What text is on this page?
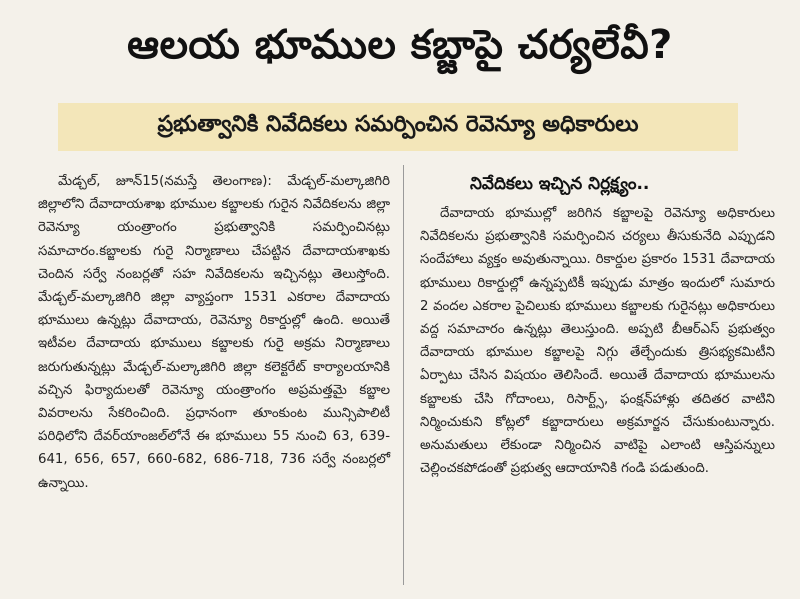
ఆలయ భూముల కబ్జాపై చర్యలేవీ?
ప్రభుత్వానికి నివేదికలు సమర్పించిన రెవెన్యూ అధికారులు

మేడ్చల్, జూన్15(నమస్తే తెలంగాణ): మేడ్చల్-మల్కాజిగిరి జిల్లాలోని దేవాదాయశాఖ భూముల కబ్జాలకు గురైన నివేదికలను జిల్లా రెవెన్యూ యంత్రాంగం ప్రభుత్వానికి సమర్పించినట్లు సమాచారం.కబ్జాలకు గురై నిర్మాణాలు చేపట్టిన దేవాదాయశాఖకు చెందిన సర్వే నంబర్లతో సహ నివేదికలను ఇచ్చినట్లు తెలుస్తోంది. మేడ్చల్-మల్కాజిగిరి జిల్లా వ్యాప్తంగా 1531 ఎకరాల దేవాదాయ భూములు ఉన్నట్లు దేవాదాయ, రెవెన్యూ రికార్డుల్లో ఉంది. అయితే ఇటీవల దేవాదాయ భూములు కబ్జాలకు గురై అక్రమ నిర్మాణాలు జరుగుతున్నట్లు మేడ్చల్-మల్కాజిగిరి జిల్లా కలెక్టరేట్ కార్యాలయానికి వచ్చిన ఫిర్యాదులతో రెవెన్యూ యంత్రాంగం అప్రమత్తమై కబ్జాల వివరాలను సేకరించింది. ప్రధానంగా తూంకుంట మున్సిపాలిటీ పరిధిలోని దేవర్‌యాంజల్‌లోనే ఈ భూములు 55 నుంచి 63, 639-641, 656, 657, 660-682, 686-718, 736 సర్వే నంబర్లలో ఉన్నాయి.

నివేదికలు ఇచ్చిన నిర్లక్ష్యం..

దేవాదాయ భూముల్లో జరిగిన కబ్జాలపై రెవెన్యూ అధికారులు నివేదికలను ప్రభుత్వానికి సమర్పించిన చర్యలు తీసుకునేది ఎప్పుడని సందేహాలు వ్యక్తం అవుతున్నాయి. రికార్డుల ప్రకారం 1531 దేవాదాయ భూములు రికార్డుల్లో ఉన్నప్పటికీ ఇప్పుడు మాత్రం ఇందులో సుమారు 2 వందల ఎకరాల పైచిలుకు భూములు కబ్జాలకు గురైనట్లు అధికారులు వద్ద సమాచారం ఉన్నట్లు తెలుస్తుంది. అప్పటి బీఆర్ఎస్ ప్రభుత్వం దేవాదాయ భూముల కబ్జాలపై నిగ్గు తేల్చేందుకు త్రిసభ్యకమిటీని ఏర్పాటు చేసిన విషయం తెలిసిందే. అయితే దేవాదాయ భూములను కబ్జాలకు చేసి గోదాంలు, రిసార్ట్స్, ఫంక్షన్‌హాళ్లు తదితర వాటిని నిర్మించుకుని కోట్లలో కబ్జాదారులు అక్రమార్జన చేసుకుంటున్నారు. అనుమతులు లేకుండా నిర్మించిన వాటిపై ఎలాంటి ఆస్తిపన్నులు చెల్లించకపోడంతో ప్రభుత్వ ఆదాయానికి గండి పడుతుంది.
